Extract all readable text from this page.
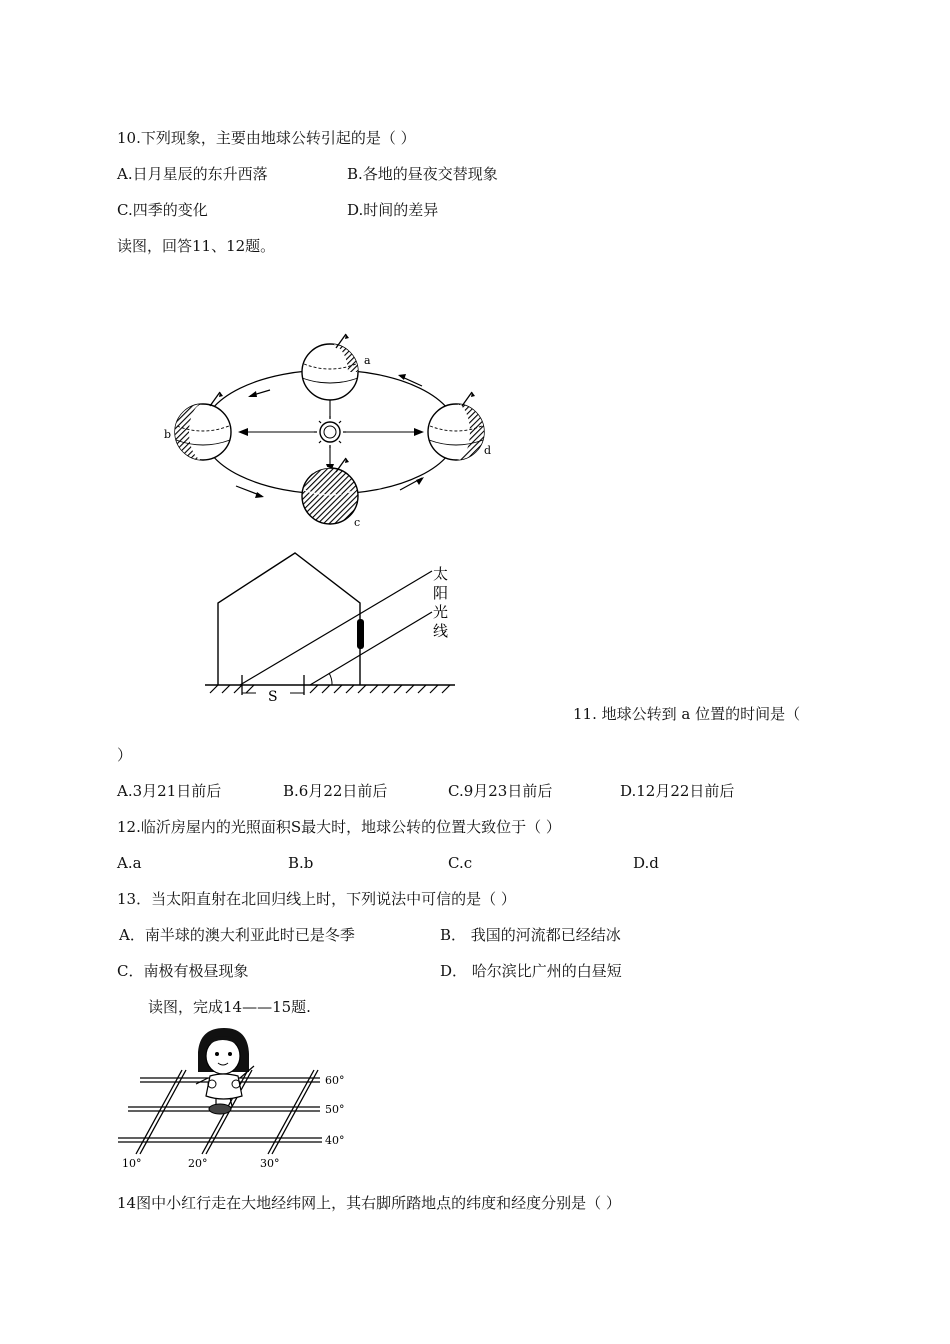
10.下列现象，主要由地球公转引起的是（ ）
A.日月星辰的东升西落	B.各地的昼夜交替现象
C.四季的变化	D.时间的差异
读图，回答11、12题。
a
b
d
c
S
太
阳
光
线
11. 地球公转到 a 位置的时间是（
）
A.3月21日前后	B.6月22日前后	C.9月23日前后	D.12月22日前后
12.临沂房屋内的光照面积S最大时，地球公转的位置大致位于（ ）
A.a	B.b	C.c	D.d
13．当太阳直射在北回归线上时，下列说法中可信的是（ ）
A．南半球的澳大利亚此时已是冬季	B． 我国的河流都已经结冰
C．南极有极昼现象	D． 哈尔滨比广州的白昼短
读图，完成14——15题.
60°
50°
40°
10°	20°	30°
14图中小红行走在大地经纬网上，其右脚所踏地点的纬度和经度分别是（ ）
